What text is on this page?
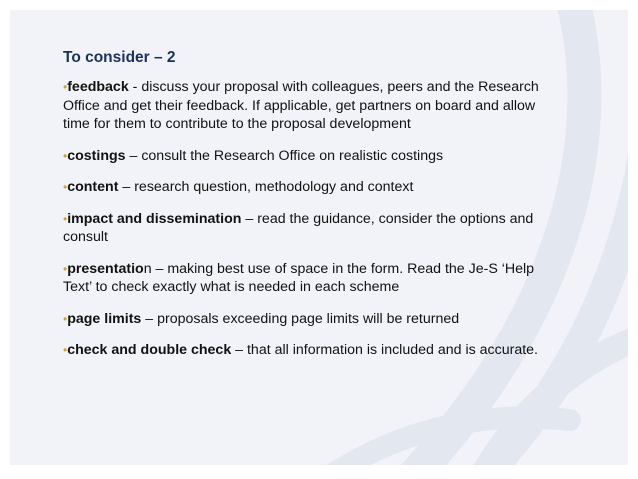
To consider – 2
•feedback - discuss your proposal with colleagues, peers and the Research Office and get their feedback. If applicable, get partners on board and allow time for them to contribute to the proposal development
•costings – consult the Research Office on realistic costings
•content – research question, methodology and context
•impact and dissemination – read the guidance, consider the options and consult
•presentation – making best use of space in the form. Read the Je-S ‘Help Text’ to check exactly what is needed in each scheme
•page limits – proposals exceeding page limits will be returned
•check and double check – that all information is included and is accurate.
